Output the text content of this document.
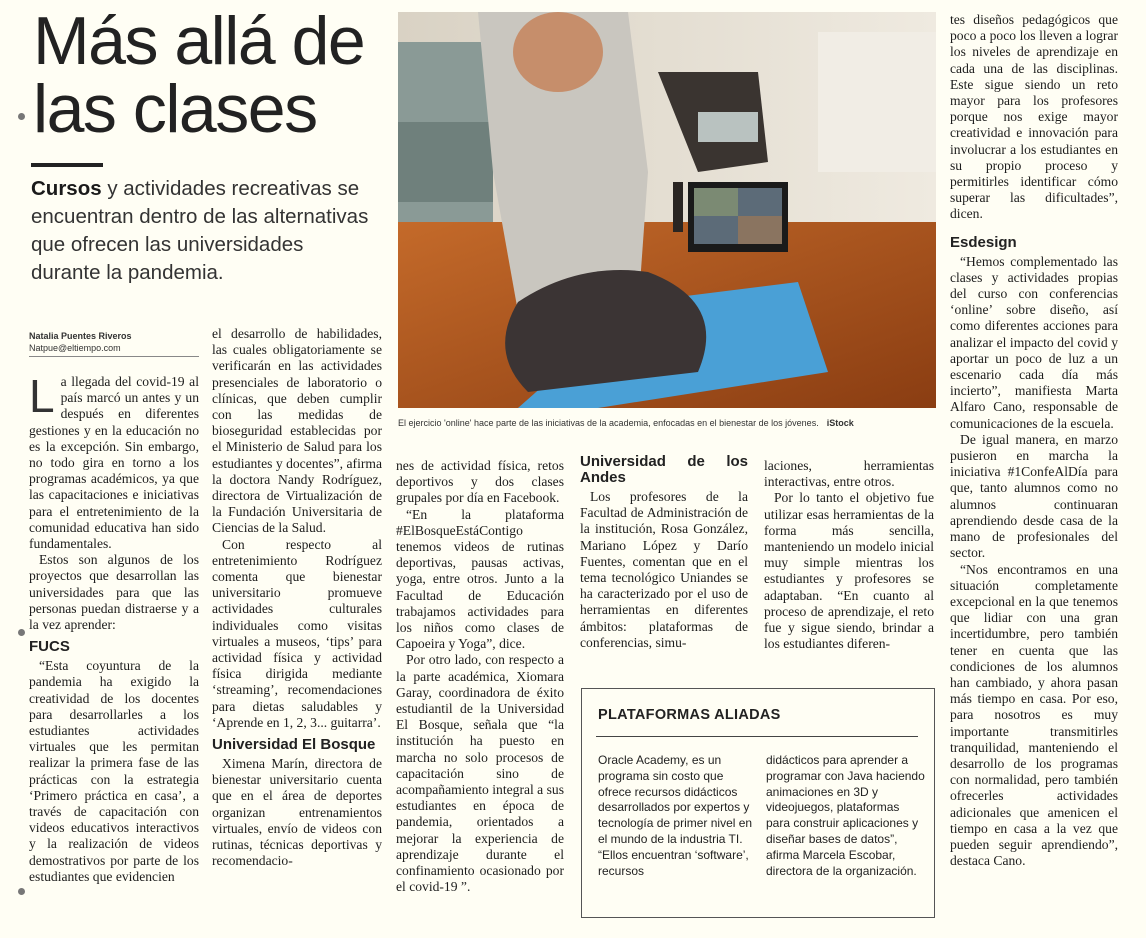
Más allá de
las clases
Cursos y actividades recreativas se encuentran dentro de las alternativas que ofrecen las universidades durante la pandemia.
Natalia Puentes Riveros
Natpue@eltiempo.com
L a llegada del covid-19 al país marcó un antes y un después en diferentes gestiones y en la educación no es la excepción. Sin embargo, no todo gira en torno a los programas académicos, ya que las capacitaciones e iniciativas para el entretenimiento de la comunidad educativa han sido fundamentales.

Estos son algunos de los proyectos que desarrollan las universidades para que las personas puedan distraerse y a la vez aprender:

FUCS

“Esta coyuntura de la pandemia ha exigido la creatividad de los docentes para desarrollarles a los estudiantes actividades virtuales que les permitan realizar la primera fase de las prácticas con la estrategia ‘Primero práctica en casa’, a través de capacitación con videos educativos interactivos y la realización de videos demostrativos por parte de los estudiantes que evidencien

el desarrollo de habilidades, las cuales obligatoriamente se verificarán en las actividades presenciales de laboratorio o clínicas, que deben cumplir con las medidas de bioseguridad establecidas por el Ministerio de Salud para los estudiantes y docentes”, afirma la doctora Nandy Rodríguez, directora de Virtualización de la Fundación Universitaria de Ciencias de la Salud.

Con respecto al entretenimiento Rodríguez comenta que bienestar universitario promueve actividades culturales individuales como visitas virtuales a museos, ‘tips’ para actividad física y actividad física dirigida mediante ‘streaming’, recomendaciones para dietas saludables y ‘Aprende en 1, 2, 3... guitarra’.

Universidad El Bosque

Ximena Marín, directora de bienestar universitario cuenta que en el área de deportes organizan entrenamientos virtuales, envío de videos con rutinas, técnicas deportivas y recomendacio-

El ejercicio 'online' hace parte de las iniciativas de la academia, enfocadas en el bienestar de los jóvenes. iStock

nes de actividad física, retos deportivos y dos clases grupales por día en Facebook.

“En la plataforma #ElBosqueEstáContigo tenemos videos de rutinas deportivas, pausas activas, yoga, entre otros. Junto a la Facultad de Educación trabajamos actividades para los niños como clases de Capoeira y Yoga”, dice.

Por otro lado, con respecto a la parte académica, Xiomara Garay, coordinadora de éxito estudiantil de la Universidad El Bosque, señala que “la institución ha puesto en marcha no solo procesos de capacitación sino de acompañamiento integral a sus estudiantes en época de pandemia, orientados a mejorar la experiencia de aprendizaje durante el confinamiento ocasionado por el covid-19 ”.

Universidad de los Andes

Los profesores de la Facultad de Administración de la institución, Rosa González, Mariano López y Darío Fuentes, comentan que en el tema tecnológico Uniandes se ha caracterizado por el uso de herramientas en diferentes ámbitos: plataformas de conferencias, simu-

laciones, herramientas interactivas, entre otros.

Por lo tanto el objetivo fue utilizar esas herramientas de la forma más sencilla, manteniendo un modelo inicial muy simple mientras los estudiantes y profesores se adaptaban. “En cuanto al proceso de aprendizaje, el reto fue y sigue siendo, brindar a los estudiantes diferen-

PLATAFORMAS ALIADAS

Oracle Academy, es un programa sin costo que ofrece recursos didácticos desarrollados por expertos y tecnología de primer nivel en el mundo de la industria TI.

“Ellos encuentran ‘software’, recursos

didácticos para aprender a programar con Java haciendo animaciones en 3D y videojuegos, plataformas para construir aplicaciones y diseñar bases de datos”, afirma Marcela Escobar, directora de la organización.

tes diseños pedagógicos que poco a poco los lleven a lograr los niveles de aprendizaje en cada una de las disciplinas. Este sigue siendo un reto mayor para los profesores porque nos exige mayor creatividad e innovación para involucrar a los estudiantes en su propio proceso y permitirles identificar cómo superar las dificultades”, dicen.

Esdesign

“Hemos complementado las clases y actividades propias del curso con conferencias ‘online’ sobre diseño, así como diferentes acciones para analizar el impacto del covid y aportar un poco de luz a un escenario cada día más incierto”, manifiesta Marta Alfaro Cano, responsable de comunicaciones de la escuela.

De igual manera, en marzo pusieron en marcha la iniciativa #1ConfeAlDía para que, tanto alumnos como no alumnos continuaran aprendiendo desde casa de la mano de profesionales del sector.

“Nos encontramos en una situación completamente excepcional en la que tenemos que lidiar con una gran incertidumbre, pero también tener en cuenta que las condiciones de los alumnos han cambiado, y ahora pasan más tiempo en casa. Por eso, para nosotros es muy importante transmitirles tranquilidad, manteniendo el desarrollo de los programas con normalidad, pero también ofrecerles actividades adicionales que amenicen el tiempo en casa a la vez que pueden seguir aprendiendo”, destaca Cano.
